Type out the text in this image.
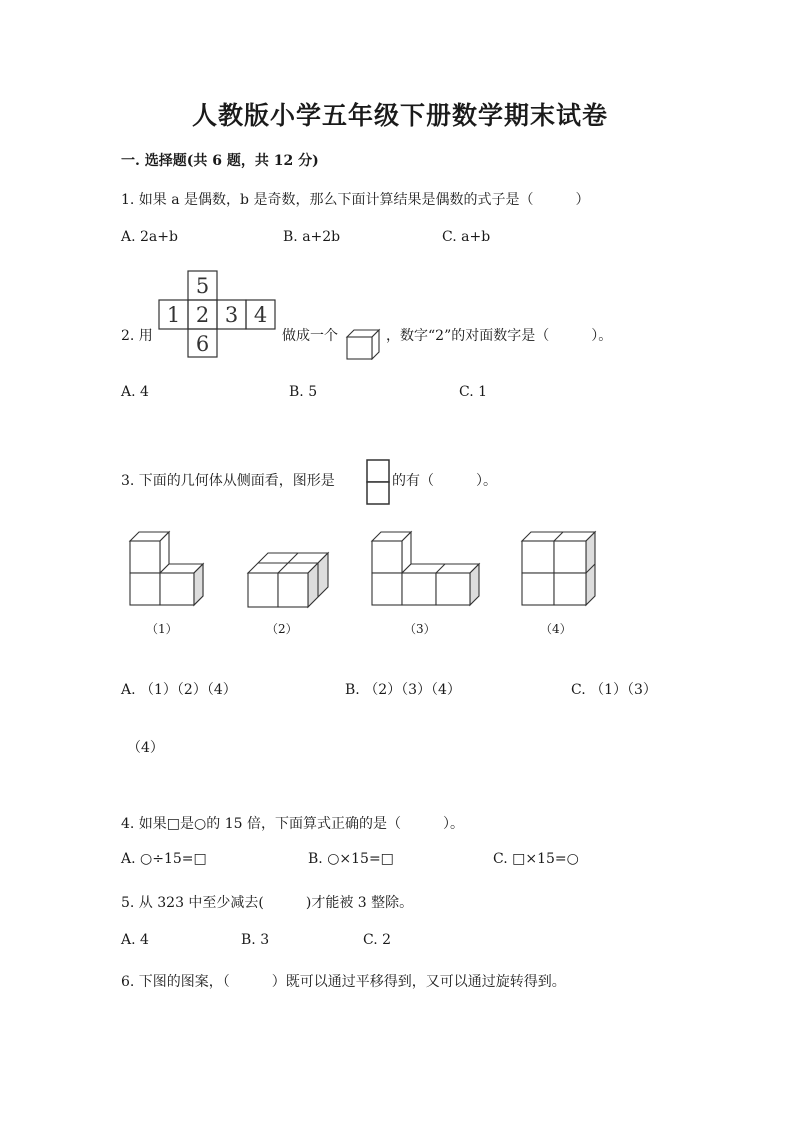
人教版小学五年级下册数学期末试卷
一. 选择题(共 6 题，共 12 分)
1. 如果 a 是偶数，b 是奇数，那么下面计算结果是偶数的式子是（　　　）
A. 2a+b	B. a+2b	C. a+b
2. 用
5
1 2 3 4
6	做成一个	，数字“2”的对面数字是（　　　）。
A. 4	B. 5	C. 1
3. 下面的几何体从侧面看，图形是	的有（　　　）。
（1）	（2）	（3）	（4）
A. （1）（2）（4）	B. （2）（3）（4）	C. （1）（3）
（4）
4. 如果□是○的 15 倍，下面算式正确的是（　　　）。
A. ○÷15=□	B. ○×15=□	C. □×15=○
5. 从 323 中至少减去(　　　)才能被 3 整除。
A. 4	B. 3	C. 2
6. 下图的图案，（　　　）既可以通过平移得到，又可以通过旋转得到。
